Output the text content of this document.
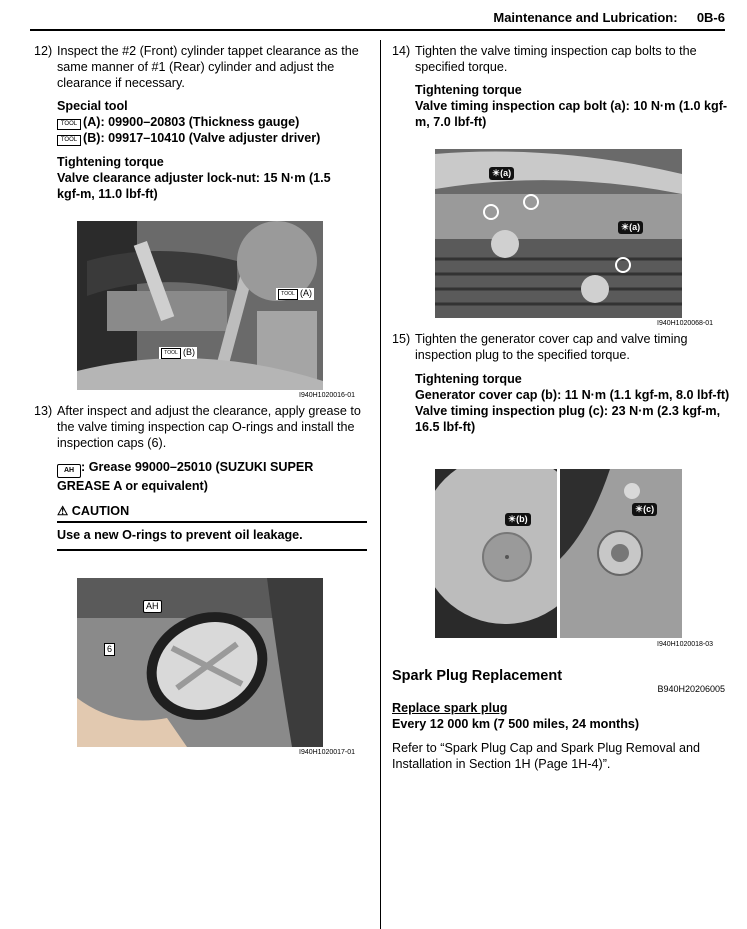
Maintenance and Lubrication: 0B-6
12) Inspect the #2 (Front) cylinder tappet clearance as the same manner of #1 (Rear) cylinder and adjust the clearance if necessary.
Special tool
TOOL (A): 09900–20803 (Thickness gauge)
TOOL (B): 09917–10410 (Valve adjuster driver)
Tightening torque
Valve clearance adjuster lock-nut: 15 N·m (1.5 kgf-m, 11.0 lbf-ft)
TOOL (A)
TOOL (B)
I940H1020016-01
13) After inspect and adjust the clearance, apply grease to the valve timing inspection cap O-rings and install the inspection caps (6).
AH : Grease 99000–25010 (SUZUKI SUPER GREASE A or equivalent)
⚠ CAUTION
Use a new O-rings to prevent oil leakage.
AH
6
I940H1020017-01
14) Tighten the valve timing inspection cap bolts to the specified torque.
Tightening torque
Valve timing inspection cap bolt (a): 10 N·m (1.0 kgf-m, 7.0 lbf-ft)
☀(a)
☀(a)
I940H1020068-01
15) Tighten the generator cover cap and valve timing inspection plug to the specified torque.
Tightening torque
Generator cover cap (b): 11 N·m (1.1 kgf-m, 8.0 lbf-ft)
Valve timing inspection plug (c): 23 N·m (2.3 kgf-m, 16.5 lbf-ft)
☀(b)
☀(c)
I940H1020018-03
Spark Plug Replacement
B940H20206005
Replace spark plug
Every 12 000 km (7 500 miles, 24 months)
Refer to “Spark Plug Cap and Spark Plug Removal and Installation in Section 1H (Page 1H-4)”.
